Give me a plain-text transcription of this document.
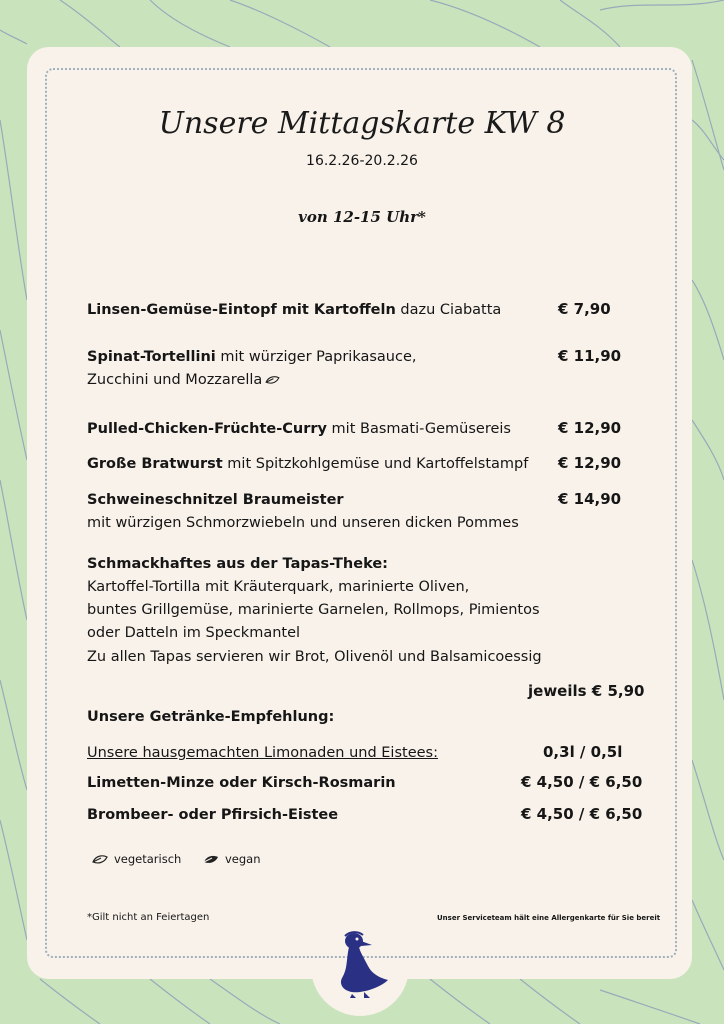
Unsere Mittagskarte KW 8
16.2.26-20.2.26
von 12-15 Uhr*
Linsen-Gemüse-Eintopf mit Kartoffeln dazu Ciabatta	€ 7,90
Spinat-Tortellini mit würziger Paprikasauce,
Zucchini und Mozzarella
€ 11,90
Pulled-Chicken-Früchte-Curry mit Basmati-Gemüsereis	€ 12,90
Große Bratwurst mit Spitzkohlgemüse und Kartoffelstampf € 12,90
Schweineschnitzel Braumeister
mit würzigen Schmorzwiebeln und unseren dicken Pommes
€ 14,90
Schmackhaftes aus der Tapas-Theke:
Kartoffel-Tortilla mit Kräuterquark, marinierte Oliven,
buntes Grillgemüse, marinierte Garnelen, Rollmops, Pimientos
oder Datteln im Speckmantel
Zu allen Tapas servieren wir Brot, Olivenöl und Balsamicoessig
jeweils € 5,90
Unsere Getränke-Empfehlung:
Unsere hausgemachten Limonaden und Eistees:	0,3l / 0,5l
Limetten-Minze oder Kirsch-Rosmarin	€ 4,50 / € 6,50
Brombeer- oder Pfirsich-Eistee	€ 4,50 / € 6,50
vegetarisch	vegan
*Gilt nicht an Feiertagen	Unser Serviceteam hält eine Allergenkarte für Sie bereit
